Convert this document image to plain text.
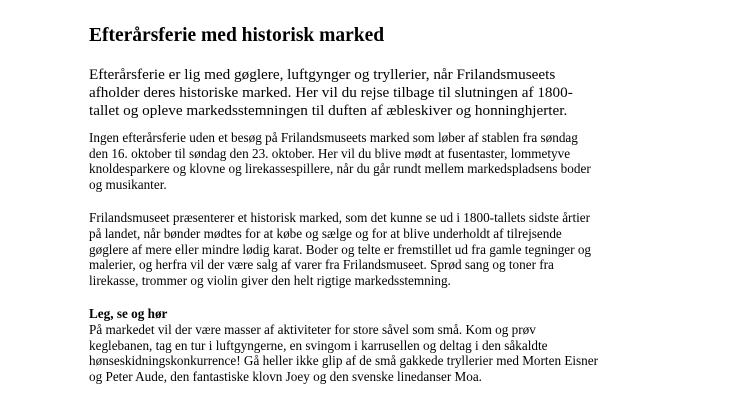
Efterårsferie med historisk marked

Efterårsferie er lig med gøglere, luftgynger og tryllerier, når Frilandsmuseets afholder deres historiske marked. Her vil du rejse tilbage til slutningen af 1800-tallet og opleve markedsstemningen til duften af æbleskiver og honninghjerter.

Ingen efterårsferie uden et besøg på Frilandsmuseets marked som løber af stablen fra søndag den 16. oktober til søndag den 23. oktober. Her vil du blive mødt at fusentaster, lommetyve knoldesparkere og klovne og lirekassespillere, når du går rundt mellem markedspladsens boder og musikanter.

Frilandsmuseet præsenterer et historisk marked, som det kunne se ud i 1800-tallets sidste årtier på landet, når bønder mødtes for at købe og sælge og for at blive underholdt af tilrejsende gøglere af mere eller mindre lødig karat. Boder og telte er fremstillet ud fra gamle tegninger og malerier, og herfra vil der være salg af varer fra Frilandsmuseet. Sprød sang og toner fra lirekasse, trommer og violin giver den helt rigtige markedsstemning.

Leg, se og hør

På markedet vil der være masser af aktiviteter for store såvel som små. Kom og prøv keglebanen, tag en tur i luftgyngerne, en svingom i karrusellen og deltag i den såkaldte hønseskidningskonkurrence! Gå heller ikke glip af de små gakkede tryllerier med Morten Eisner og Peter Aude, den fantastiske klovn Joey og den svenske linedanser Moa.
